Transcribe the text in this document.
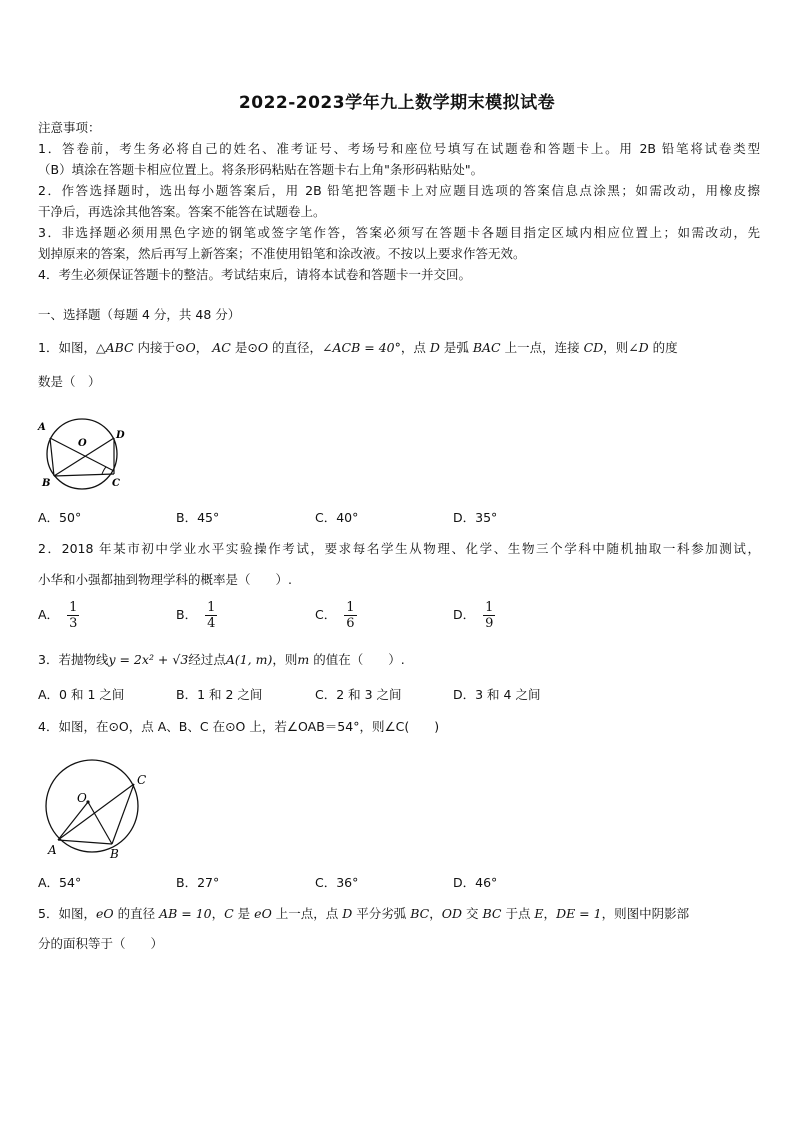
2022-2023学年九上数学期末模拟试卷
注意事项：
1．答卷前，考生务必将自己的姓名、准考证号、考场号和座位号填写在试题卷和答题卡上。用 2B 铅笔将试卷类型
（B）填涂在答题卡相应位置上。将条形码粘贴在答题卡右上角"条形码粘贴处"。
2．作答选择题时，选出每小题答案后，用 2B 铅笔把答题卡上对应题目选项的答案信息点涂黑；如需改动，用橡皮擦
干净后，再选涂其他答案。答案不能答在试题卷上。
3．非选择题必须用黑色字迹的钢笔或签字笔作答，答案必须写在答题卡各题目指定区域内相应位置上；如需改动，先
划掉原来的答案，然后再写上新答案；不准使用铅笔和涂改液。不按以上要求作答无效。
4．考生必须保证答题卡的整洁。考试结束后，请将本试卷和答题卡一并交回。
一、选择题（每题 4 分，共 48 分）
1．如图，△ABC 内接于⊙O， AC 是⊙O 的直径，∠ACB = 40°，点 D 是弧 BAC 上一点，连接 CD，则∠D 的度
数是（　）
A
O
D
B	C
A．50°	B．45°	C．40°	D．35°
2．2018 年某市初中学业水平实验操作考试，要求每名学生从物理、化学、生物三个学科中随机抽取一科参加测试，
小华和小强都抽到物理学科的概率是（　　）.
A． $\frac{1}{3}$	B． $\frac{1}{4}$	C． $\frac{1}{6}$	D． $\frac{1}{9}$
3．若抛物线y = 2x² + √3经过点A(1, m)，则m 的值在（　　）.
A．0 和 1 之间	B．1 和 2 之间	C．2 和 3 之间	D．3 和 4 之间
4．如图，在⊙O，点 A、B、C 在⊙O 上，若∠OAB＝54°，则∠C(　　)
O
A	B
C
A．54°	B．27°	C．36°	D．46°
5．如图，eO 的直径 AB = 10，C 是 eO 上一点，点 D 平分劣弧 BC，OD 交 BC 于点 E，DE = 1，则图中阴影部
分的面积等于（　　）
